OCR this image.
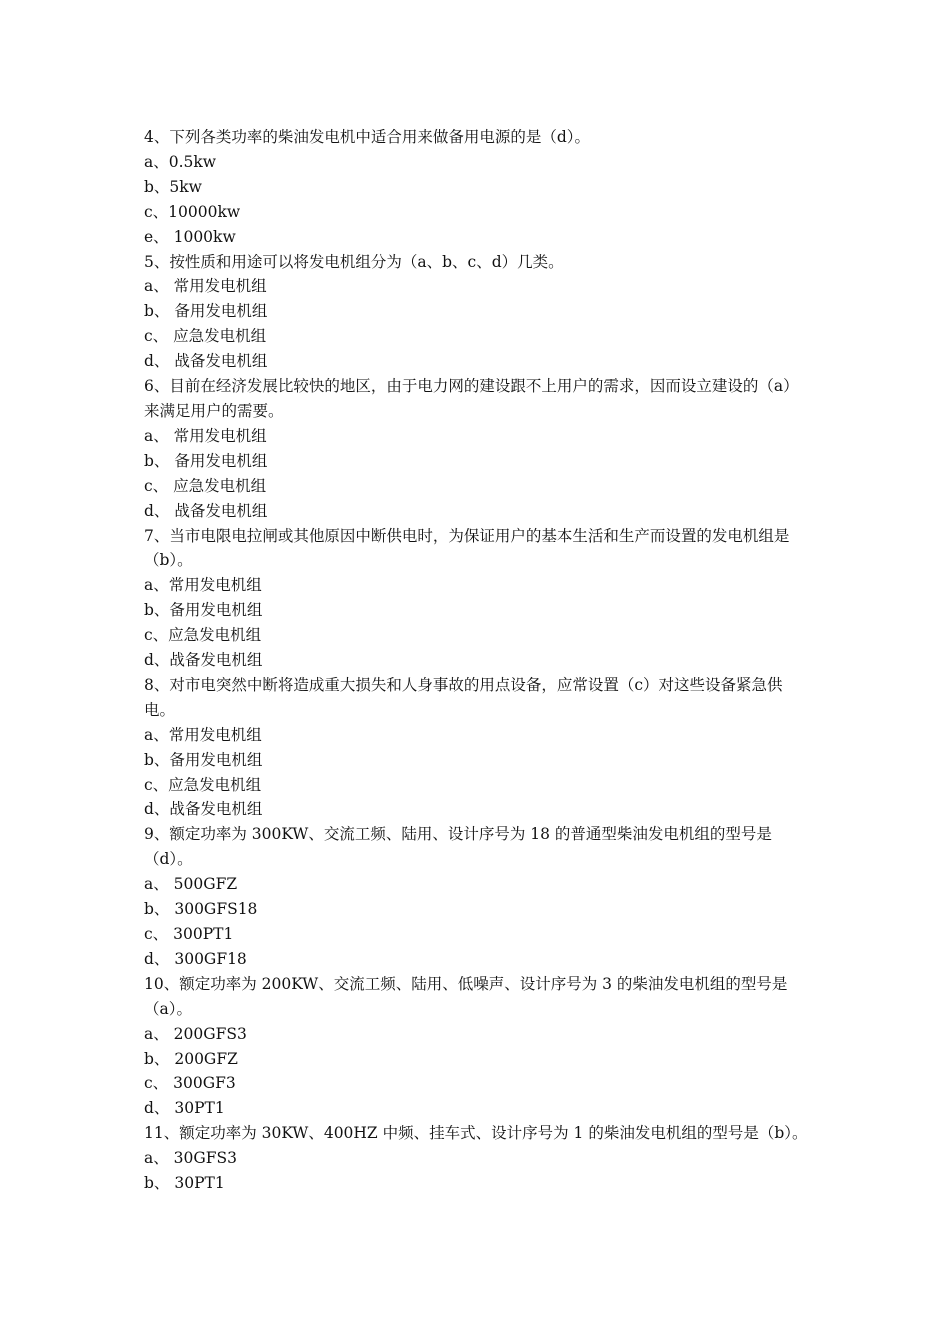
4、下列各类功率的柴油发电机中适合用来做备用电源的是（d）。

a、0.5kw

b、5kw

c、10000kw

e、 1000kw

5、按性质和用途可以将发电机组分为（a、b、c、d）几类。

a、 常用发电机组

b、 备用发电机组

c、 应急发电机组

d、 战备发电机组

6、目前在经济发展比较快的地区，由于电力网的建设跟不上用户的需求，因而设立建设的（a）来满足用户的需要。

a、 常用发电机组

b、 备用发电机组

c、 应急发电机组

d、 战备发电机组

7、当市电限电拉闸或其他原因中断供电时，为保证用户的基本生活和生产而设置的发电机组是（b）。

a、常用发电机组

b、备用发电机组

c、应急发电机组

d、战备发电机组

8、对市电突然中断将造成重大损失和人身事故的用点设备，应常设置（c）对这些设备紧急供电。

a、常用发电机组

b、备用发电机组

c、应急发电机组

d、战备发电机组

9、额定功率为 300KW、交流工频、陆用、设计序号为 18 的普通型柴油发电机组的型号是（d）。

a、 500GFZ

b、 300GFS18

c、 300PT1

d、 300GF18

10、额定功率为 200KW、交流工频、陆用、低噪声、设计序号为 3 的柴油发电机组的型号是（a）。

a、 200GFS3

b、 200GFZ

c、 300GF3

d、 30PT1

11、额定功率为 30KW、400HZ 中频、挂车式、设计序号为 1 的柴油发电机组的型号是（b）。

a、 30GFS3

b、 30PT1
